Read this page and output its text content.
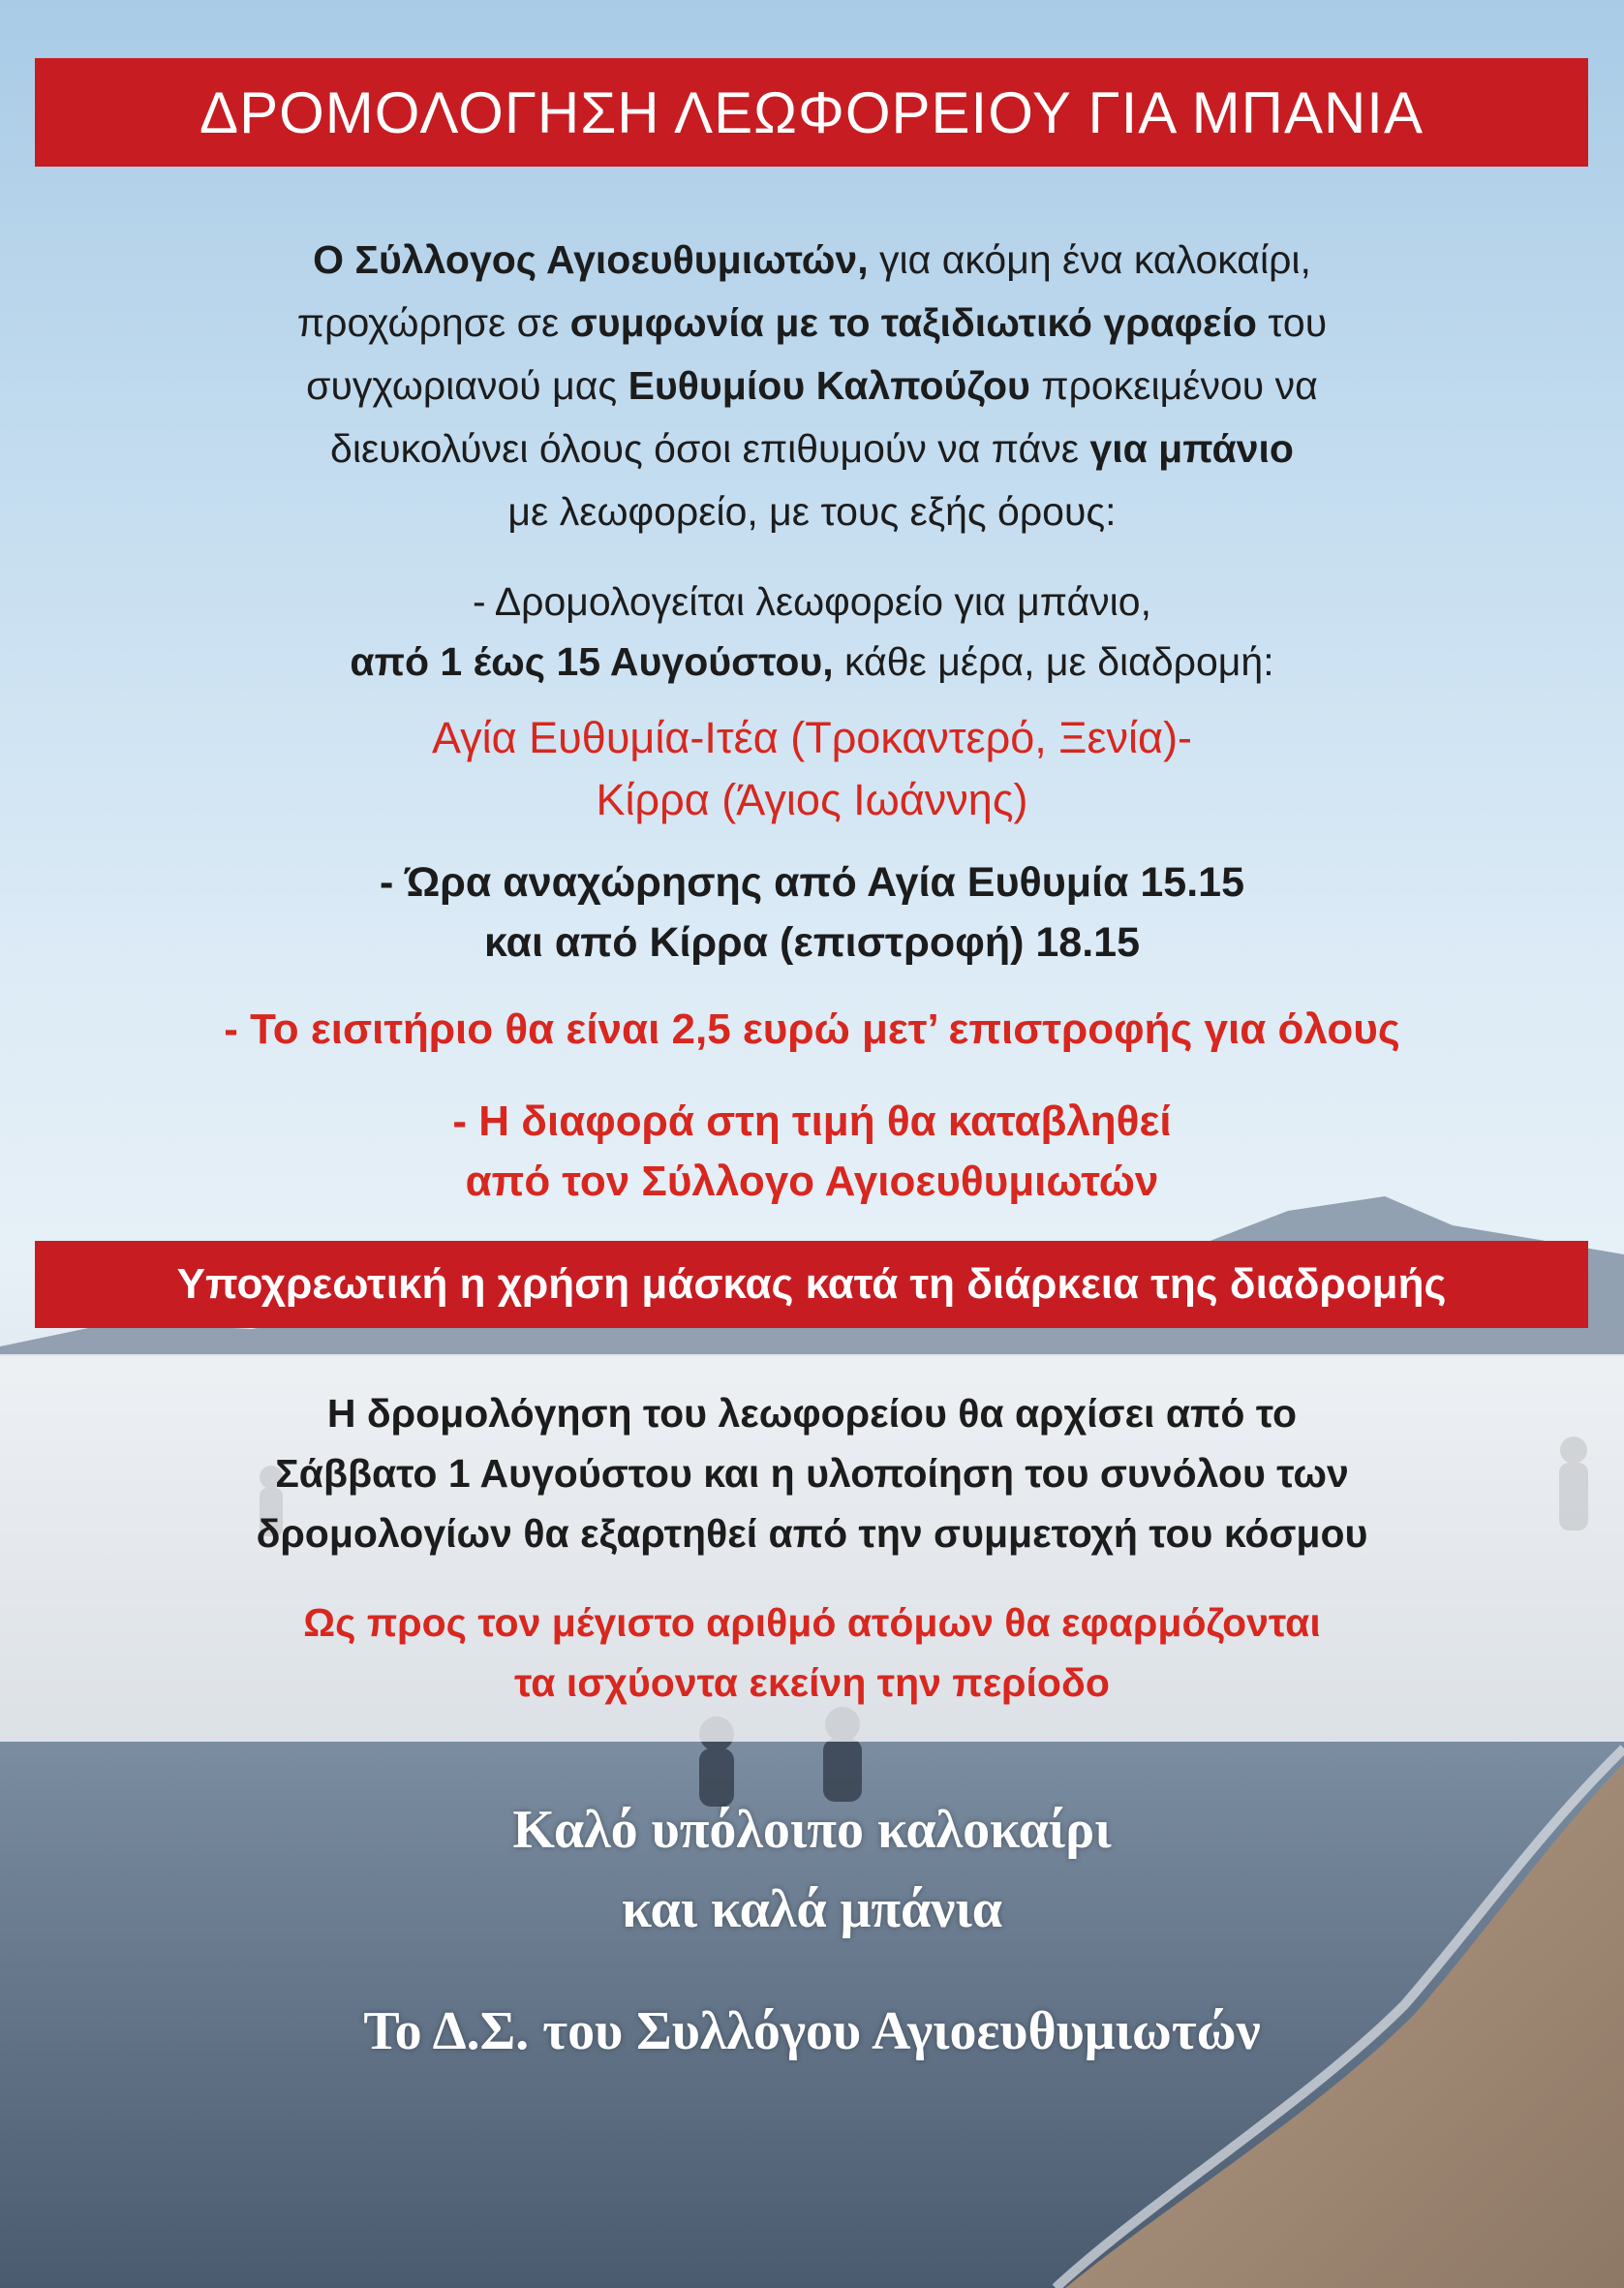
ΔΡΟΜΟΛΟΓΗΣΗ ΛΕΩΦΟΡΕΙΟΥ ΓΙΑ ΜΠΑΝΙΑ
Ο Σύλλογος Αγιοευθυμιωτών, για ακόμη ένα καλοκαίρι,
προχώρησε σε συμφωνία με το ταξιδιωτικό γραφείο του
συγχωριανού μας Ευθυμίου Καλπούζου προκειμένου να
διευκολύνει όλους όσοι επιθυμούν να πάνε για μπάνιο
με λεωφορείο, με τους εξής όρους:
- Δρομολογείται λεωφορείο για μπάνιο,
από 1 έως 15 Αυγούστου, κάθε μέρα, με διαδρομή:
Αγία Ευθυμία-Ιτέα (Τροκαντερό, Ξενία)-
Κίρρα (Άγιος Ιωάννης)
- Ώρα αναχώρησης από Αγία Ευθυμία 15.15
και από Κίρρα (επιστροφή) 18.15
- Το εισιτήριο θα είναι 2,5 ευρώ μετ’ επιστροφής για όλους
- Η διαφορά στη τιμή θα καταβληθεί
από τον Σύλλογο Αγιοευθυμιωτών
Υποχρεωτική η χρήση μάσκας κατά τη διάρκεια της διαδρομής
Η δρομολόγηση του λεωφορείου θα αρχίσει από το
Σάββατο 1 Αυγούστου και η υλοποίηση του συνόλου των
δρομολογίων θα εξαρτηθεί από την συμμετοχή του κόσμου
Ως προς τον μέγιστο αριθμό ατόμων θα εφαρμόζονται
τα ισχύοντα εκείνη την περίοδο
Καλό υπόλοιπο καλοκαίρι
και καλά μπάνια
Το Δ.Σ. του Συλλόγου Αγιοευθυμιωτών
